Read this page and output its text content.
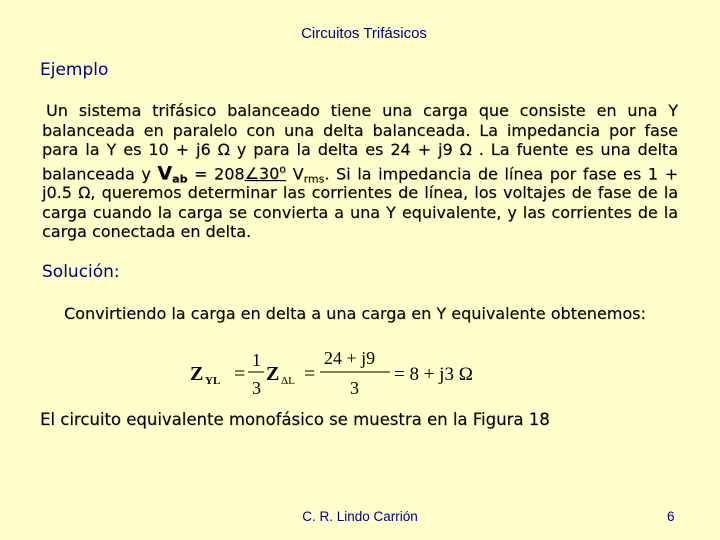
Circuitos Trifásicos
Ejemplo
Un sistema trifásico balanceado tiene una carga que consiste en una Y balanceada en paralelo con una delta balanceada. La impedancia por fase para la Y es 10 + j6 Ω y para la delta es 24 + j9 Ω . La fuente es una delta balanceada y $V_{ab}$ = $208\angle 30^o$ $V_{rms}$. Si la impedancia de línea por fase es 1 + j0.5 Ω, queremos determinar las corrientes de línea, los voltajes de fase de la carga cuando la carga se convierta a una Y equivalente, y las corrientes de la carga conectada en delta.
Solución:
Convirtiendo la carga en delta a una carga en Y equivalente obtenemos:
Z YL =
1
3
Z ΔL =
24 + j9
3
= 8 + j3 Ω
El circuito equivalente monofásico se muestra en la Figura 18
C. R. Lindo Carrión	6
